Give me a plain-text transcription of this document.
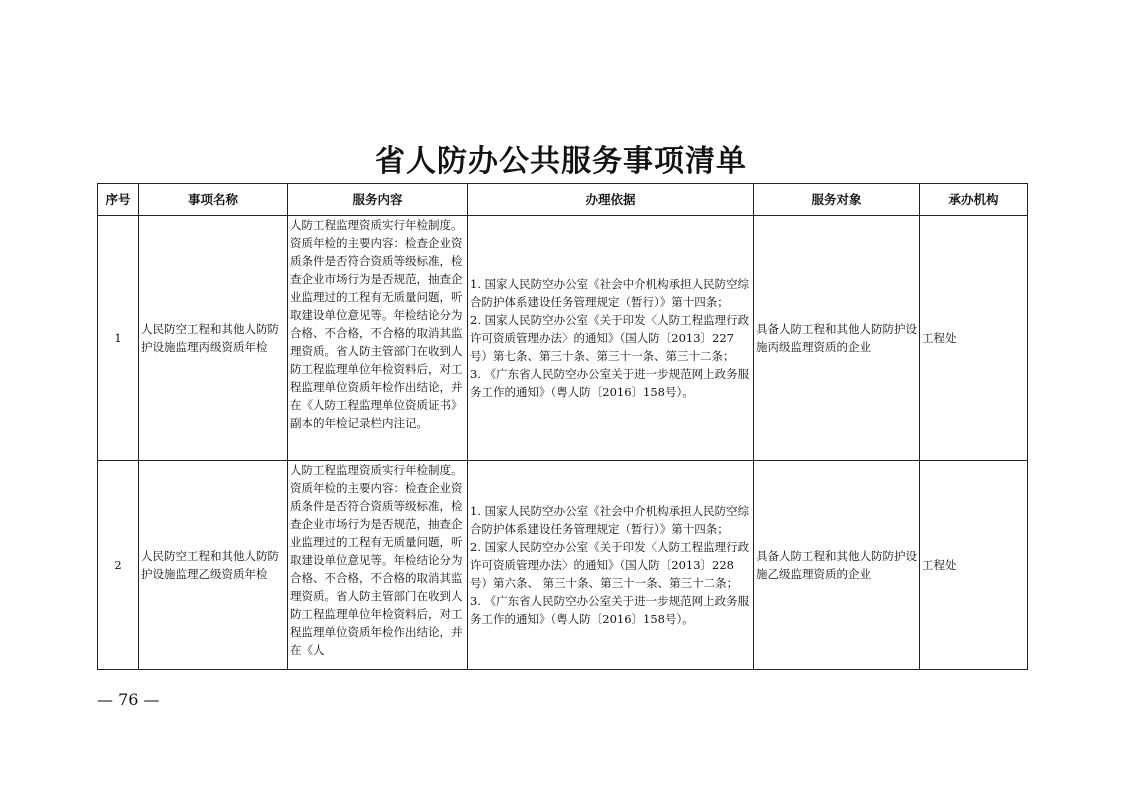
省人防办公共服务事项清单
序号	事项名称	服务内容	办理依据	服务对象	承办机构
1	人民防空工程和其他人防防护设施监理丙级资质年检	人防工程监理资质实行年检制度。资质年检的主要内容：检查企业资质条件是否符合资质等级标准，检查企业市场行为是否规范，抽查企业监理过的工程有无质量问题，听取建设单位意见等。年检结论分为合格、不合格，不合格的取消其监理资质。省人防主管部门在收到人防工程监理单位年检资料后，对工程监理单位资质年检作出结论，并在《人防工程监理单位资质证书》副本的年检记录栏内注记。	1. 国家人民防空办公室《社会中介机构承担人民防空综合防护体系建设任务管理规定（暂行）》第十四条；

2. 国家人民防空办公室《关于印发〈人防工程监理行政许可资质管理办法〉的通知》（国人防〔2013〕227号）第七条、第三十条、第三十一条、第三十二条；

3. 《广东省人民防空办公室关于进一步规范网上政务服务工作的通知》（粤人防〔2016〕158号）。	具备人防工程和其他人防防护设施丙级监理资质的企业	工程处
2	人民防空工程和其他人防防护设施监理乙级资质年检	人防工程监理资质实行年检制度。资质年检的主要内容：检查企业资质条件是否符合资质等级标准，检查企业市场行为是否规范，抽查企业监理过的工程有无质量问题，听取建设单位意见等。年检结论分为合格、不合格，不合格的取消其监理资质。省人防主管部门在收到人防工程监理单位年检资料后，对工程监理单位资质年检作出结论，并在《人	1. 国家人民防空办公室《社会中介机构承担人民防空综合防护体系建设任务管理规定（暂行）》第十四条；

2. 国家人民防空办公室《关于印发〈人防工程监理行政许可资质管理办法〉的通知》（国人防〔2013〕228号）第六条、 第三十条、第三十一条、第三十二条；

3. 《广东省人民防空办公室关于进一步规范网上政务服务工作的通知》（粤人防〔2016〕158号）。	具备人防工程和其他人防防护设施乙级监理资质的企业	工程处
— 76 —
